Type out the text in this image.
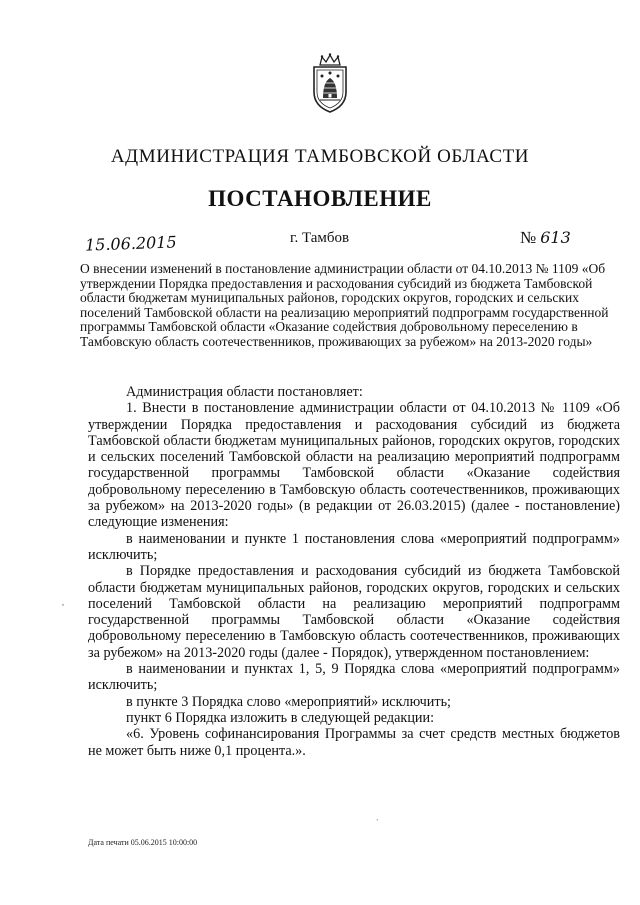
АДМИНИСТРАЦИЯ ТАМБОВСКОЙ ОБЛАСТИ
ПОСТАНОВЛЕНИЕ
15.06.2015	г. Тамбов	№ 613
О внесении изменений в постановление администрации области от 04.10.2013 № 1109 «Об утверждении Порядка предоставления и расходования субсидий из бюджета Тамбовской области бюджетам муниципальных районов, городских округов, городских и сельских поселений Тамбовской области на реализацию мероприятий подпрограмм государственной программы Тамбовской области «Оказание содействия добровольному переселению в Тамбовскую область соотечественников, проживающих за рубежом» на 2013-2020 годы»

Администрация области постановляет:

1. Внести в постановление администрации области от 04.10.2013 № 1109 «Об утверждении Порядка предоставления и расходования субсидий из бюджета Тамбовской области бюджетам муниципальных районов, городских округов, городских и сельских поселений Тамбовской области на реализацию мероприятий подпрограмм государственной программы Тамбовской области «Оказание содействия добровольному переселению в Тамбовскую область соотечественников, проживающих за рубежом» на 2013-2020 годы» (в редакции от 26.03.2015) (далее - постановление) следующие изменения:

в наименовании и пункте 1 постановления слова «мероприятий подпрограмм» исключить;

в Порядке предоставления и расходования субсидий из бюджета Тамбовской области бюджетам муниципальных районов, городских округов, городских и сельских поселений Тамбовской области на реализацию мероприятий подпрограмм государственной программы Тамбовской области «Оказание содействия добровольному переселению в Тамбовскую область соотечественников, проживающих за рубежом» на 2013-2020 годы (далее - Порядок), утвержденном постановлением:

в наименовании и пунктах 1, 5, 9 Порядка слова «мероприятий подпрограмм» исключить;

в пункте 3 Порядка слово «мероприятий» исключить;

пункт 6 Порядка изложить в следующей редакции:

«6. Уровень софинансирования Программы за счет средств местных бюджетов не может быть ниже 0,1 процента.».

Дата печати 05.06.2015 10:00:00
,
`
